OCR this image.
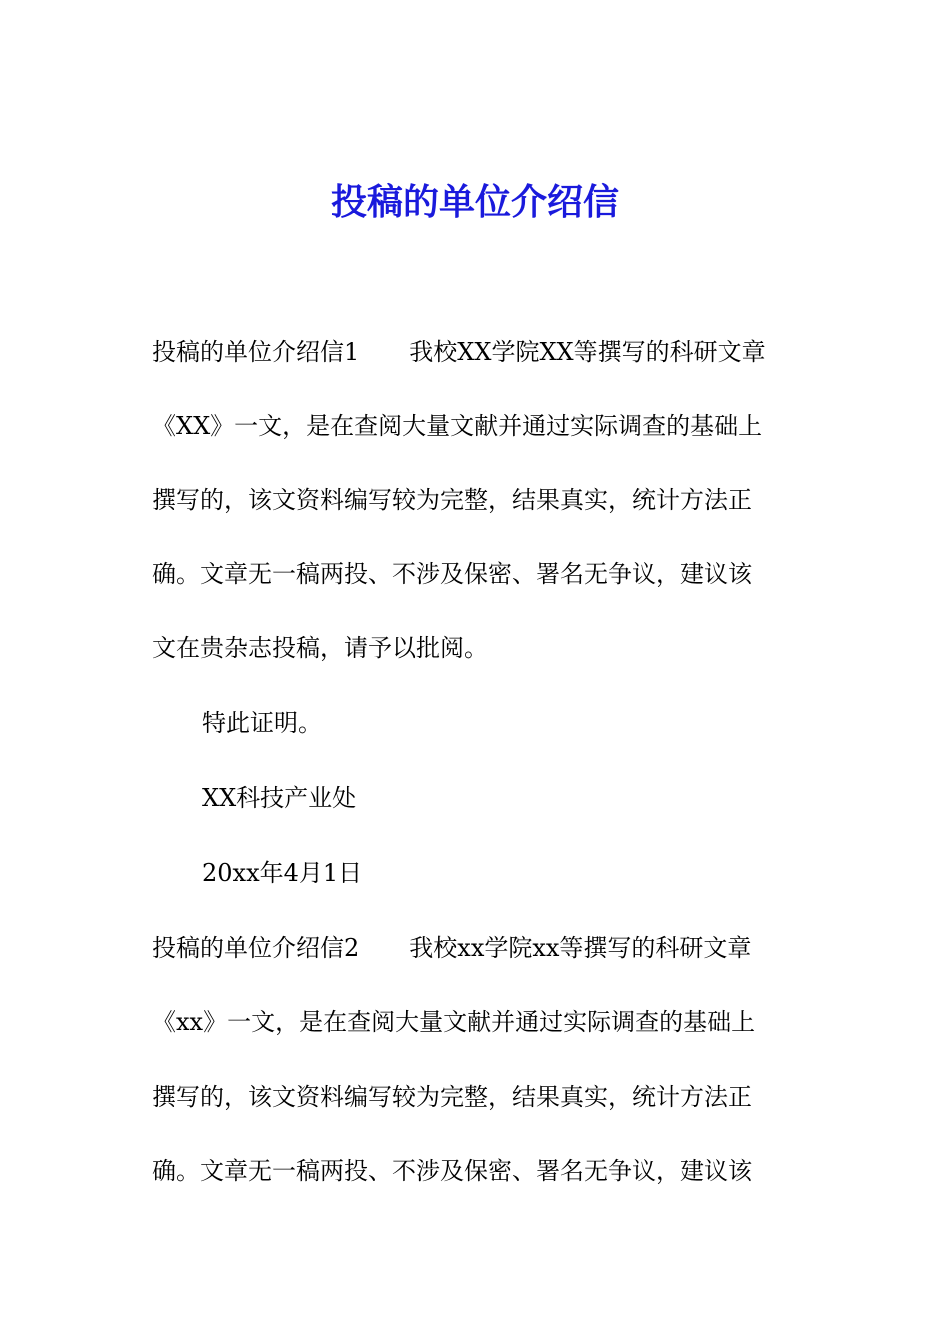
投稿的单位介绍信

投稿的单位介绍信1 我校XX学院XX等撰写的科研文章

《XX》一文，是在查阅大量文献并通过实际调查的基础上

撰写的，该文资料编写较为完整，结果真实，统计方法正

确。文章无一稿两投、不涉及保密、署名无争议，建议该

文在贵杂志投稿，请予以批阅。

特此证明。

XX科技产业处

20xx年4月1日

投稿的单位介绍信2 我校xx学院xx等撰写的科研文章

《xx》一文，是在查阅大量文献并通过实际调查的基础上

撰写的，该文资料编写较为完整，结果真实，统计方法正

确。文章无一稿两投、不涉及保密、署名无争议，建议该
